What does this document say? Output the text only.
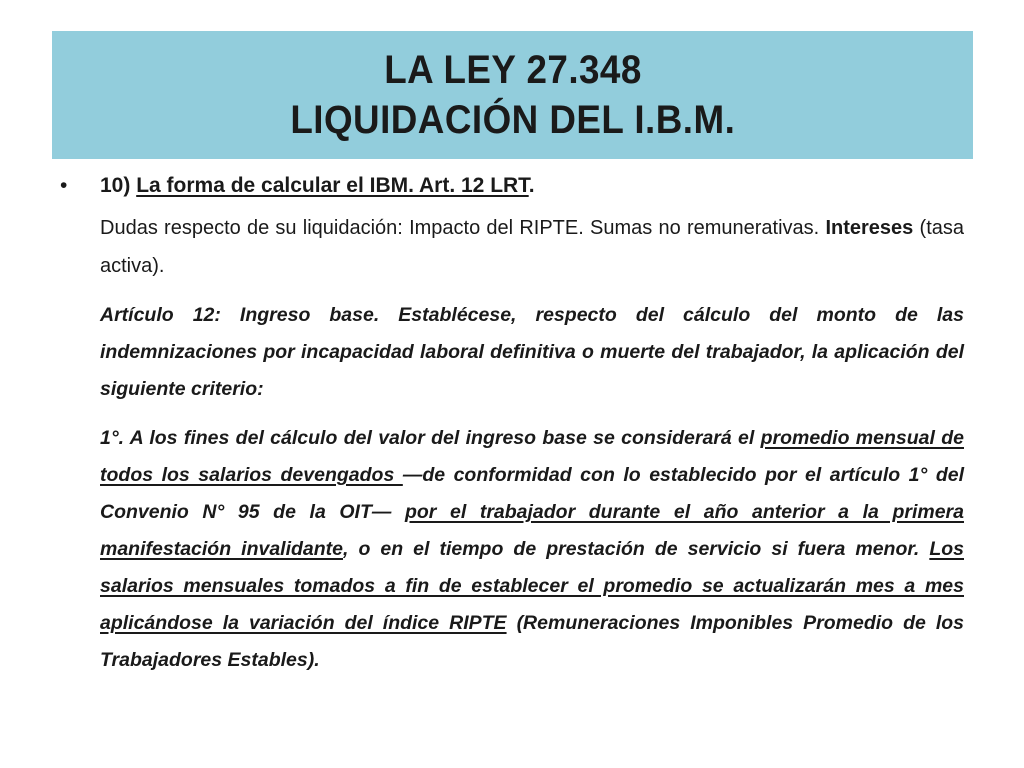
LA LEY 27.348
LIQUIDACIÓN DEL I.B.M.
•	10) La forma de calcular el IBM. Art. 12 LRT.
Dudas respecto de su liquidación: Impacto del RIPTE. Sumas no remunerativas. Intereses (tasa activa).
Artículo 12: Ingreso base. Establécese, respecto del cálculo del monto de las indemnizaciones por incapacidad laboral definitiva o muerte del trabajador, la aplicación del siguiente criterio:
1°. A los fines del cálculo del valor del ingreso base se considerará el promedio mensual de todos los salarios devengados —de conformidad con lo establecido por el artículo 1° del Convenio N° 95 de la OIT— por el trabajador durante el año anterior a la primera manifestación invalidante, o en el tiempo de prestación de servicio si fuera menor. Los salarios mensuales tomados a fin de establecer el promedio se actualizarán mes a mes aplicándose la variación del índice RIPTE (Remuneraciones Imponibles Promedio de los Trabajadores Estables).
